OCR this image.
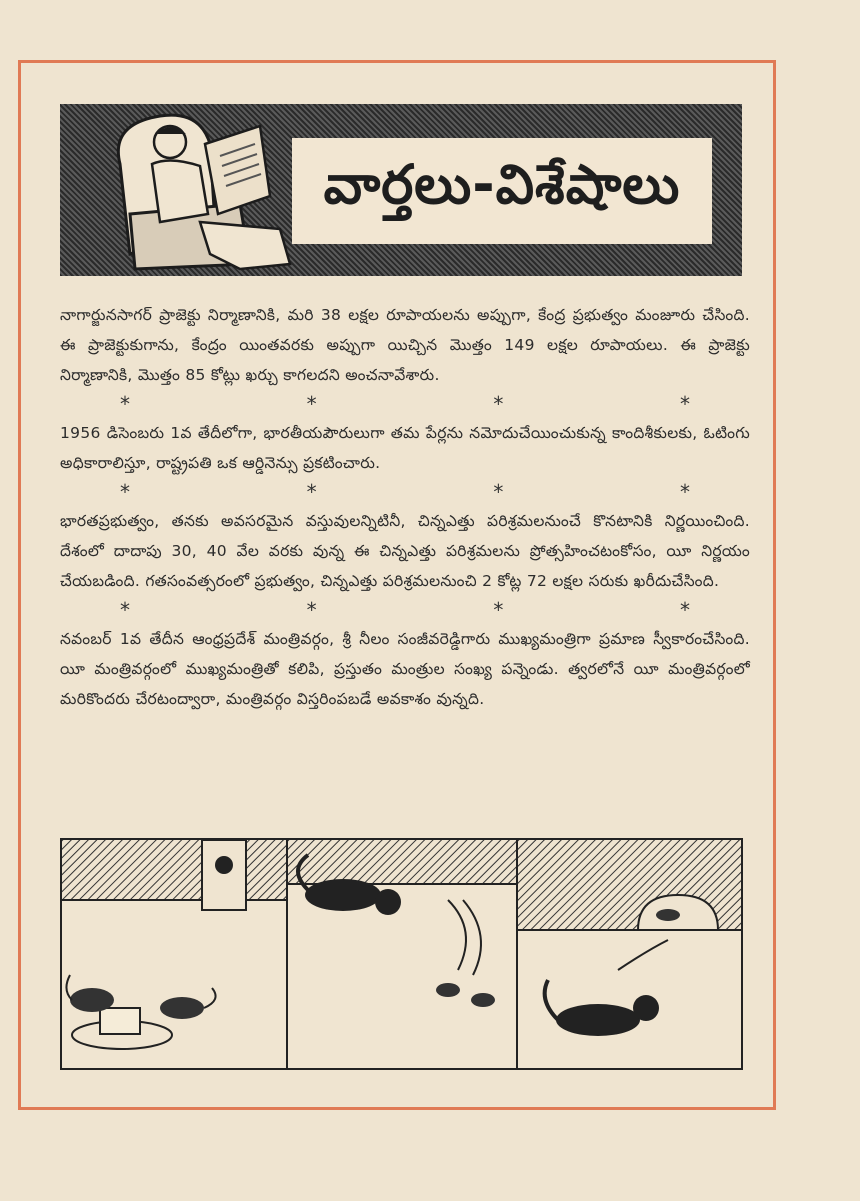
వార్తలు-విశేషాలు

నాగార్జునసాగర్ ప్రాజెక్టు నిర్మాణానికి, మరి 38 లక్షల రూపాయలను అప్పుగా, కేంద్ర ప్రభుత్వం మంజూరు చేసింది. ఈ ప్రాజెక్టుకుగాను, కేంద్రం యింతవరకు అప్పుగా యిచ్చిన మొత్తం 149 లక్షల రూపాయలు. ఈ ప్రాజెక్టు నిర్మాణానికి, మొత్తం 85 కోట్లు ఖర్చు కాగలదని అంచనావేశారు.

*	*	*	*

1956 డిసెంబరు 1వ తేదీలోగా, భారతీయపౌరులుగా తమ పేర్లను నమోదుచేయించుకున్న కాందిశీకులకు, ఓటింగు అధికారాలిస్తూ, రాష్ట్రపతి ఒక ఆర్డినెన్సు ప్రకటించారు.

*	*	*	*

భారతప్రభుత్వం, తనకు అవసరమైన వస్తువులన్నిటినీ, చిన్నఎత్తు పరిశ్రమలనుంచే కొనటానికి నిర్ణయించింది. దేశంలో దాదాపు 30, 40 వేల వరకు వున్న ఈ చిన్నఎత్తు పరిశ్రమలను ప్రోత్సహించటంకోసం, యీ నిర్ణయం చేయబడింది. గతసంవత్సరంలో ప్రభుత్వం, చిన్నఎత్తు పరిశ్రమలనుంచి 2 కోట్ల 72 లక్షల సరుకు ఖరీదుచేసింది.

*	*	*	*

నవంబర్ 1వ తేదీన ఆంధ్రప్రదేశ్ మంత్రివర్గం, శ్రీ నీలం సంజీవరెడ్డిగారు ముఖ్యమంత్రిగా ప్రమాణ స్వీకారంచేసింది. యీ మంత్రివర్గంలో ముఖ్యమంత్రితో కలిపి, ప్రస్తుతం మంత్రుల సంఖ్య పన్నెండు. త్వరలోనే యీ మంత్రివర్గంలో మరికొందరు చేరటంద్వారా, మంత్రివర్గం విస్తరింపబడే అవకాశం వున్నది.
